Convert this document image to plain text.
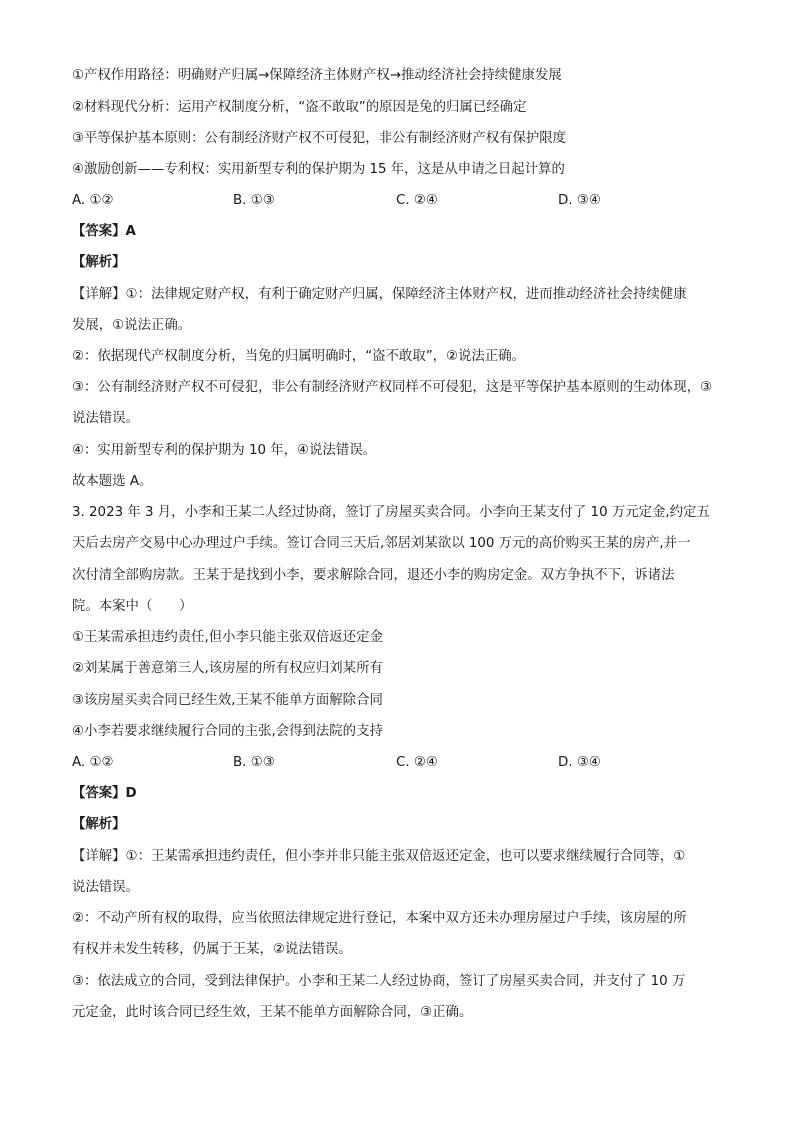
①产权作用路径：明确财产归属→保障经济主体财产权→推动经济社会持续健康发展
②材料现代分析：运用产权制度分析，“盗不敢取”的原因是兔的归属已经确定
③平等保护基本原则：公有制经济财产权不可侵犯，非公有制经济财产权有保护限度
④激励创新——专利权：实用新型专利的保护期为 15 年，这是从申请之日起计算的
A. ①②	B. ①③	C. ②④	D. ③④
【答案】A
【解析】
【详解】①：法律规定财产权，有利于确定财产归属，保障经济主体财产权，进而推动经济社会持续健康
发展，①说法正确。
②：依据现代产权制度分析，当兔的归属明确时，“盗不敢取”，②说法正确。
③：公有制经济财产权不可侵犯，非公有制经济财产权同样不可侵犯，这是平等保护基本原则的生动体现，③
说法错误。
④：实用新型专利的保护期为 10 年，④说法错误。
故本题选 A。
3. 2023 年 3 月，小李和王某二人经过协商，签订了房屋买卖合同。小李向王某支付了 10 万元定金,约定五
天后去房产交易中心办理过户手续。签订合同三天后,邻居刘某欲以 100 万元的高价购买王某的房产,并一
次付清全部购房款。王某于是找到小李，要求解除合同，退还小李的购房定金。双方争执不下，诉诸法
院。本案中（　　）
①王某需承担违约责任,但小李只能主张双倍返还定金
②刘某属于善意第三人,该房屋的所有权应归刘某所有
③该房屋买卖合同已经生效,王某不能单方面解除合同
④小李若要求继续履行合同的主张,会得到法院的支持
A. ①②	B. ①③	C. ②④	D. ③④
【答案】D
【解析】
【详解】①：王某需承担违约责任，但小李并非只能主张双倍返还定金，也可以要求继续履行合同等，①
说法错误。
②：不动产所有权的取得，应当依照法律规定进行登记，本案中双方还未办理房屋过户手续，该房屋的所
有权并未发生转移，仍属于王某，②说法错误。
③：依法成立的合同，受到法律保护。小李和王某二人经过协商，签订了房屋买卖合同，并支付了 10 万
元定金，此时该合同已经生效，王某不能单方面解除合同，③正确。
